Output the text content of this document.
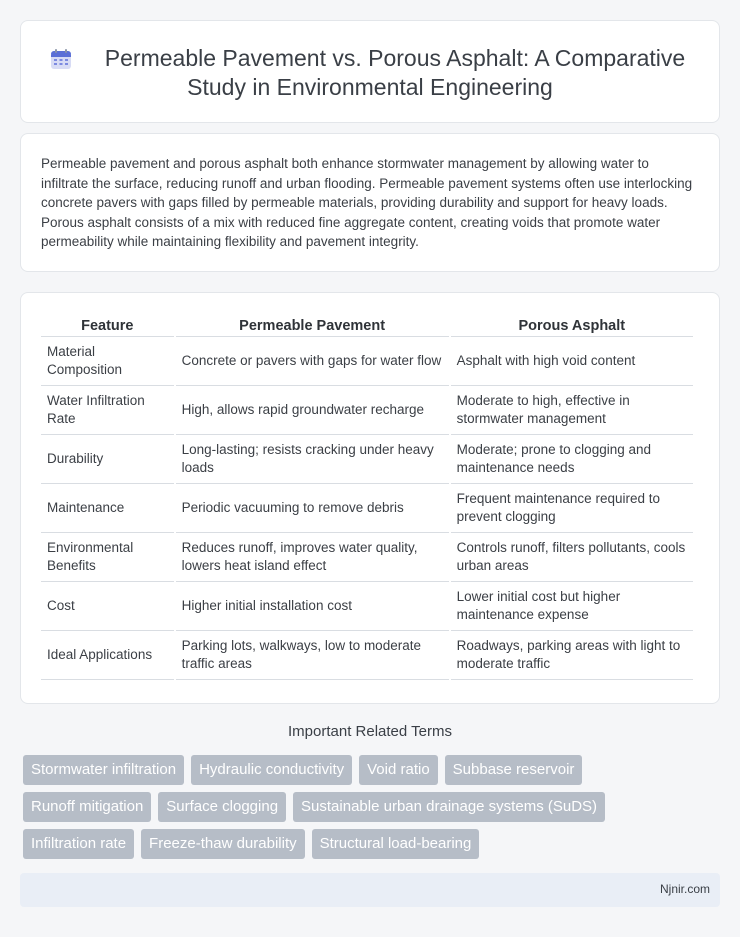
Permeable Pavement vs. Porous Asphalt: A Comparative
Study in Environmental Engineering

Permeable pavement and porous asphalt both enhance stormwater management by allowing water to infiltrate the surface, reducing runoff and urban flooding. Permeable pavement systems often use interlocking concrete pavers with gaps filled by permeable materials, providing durability and support for heavy loads. Porous asphalt consists of a mix with reduced fine aggregate content, creating voids that promote water permeability while maintaining flexibility and pavement integrity.

Feature	Permeable Pavement	Porous Asphalt
Material Composition	Concrete or pavers with gaps for water flow	Asphalt with high void content
Water Infiltration Rate	High, allows rapid groundwater recharge	Moderate to high, effective in stormwater management
Durability	Long-lasting; resists cracking under heavy loads	Moderate; prone to clogging and maintenance needs
Maintenance	Periodic vacuuming to remove debris	Frequent maintenance required to prevent clogging
Environmental Benefits	Reduces runoff, improves water quality, lowers heat island effect	Controls runoff, filters pollutants, cools urban areas
Cost	Higher initial installation cost	Lower initial cost but higher maintenance expense
Ideal Applications	Parking lots, walkways, low to moderate traffic areas	Roadways, parking areas with light to moderate traffic
Important Related Terms
Stormwater infiltration	Hydraulic conductivity	Void ratio	Subbase reservoir
Runoff mitigation	Surface clogging	Sustainable urban drainage systems (SuDS)
Infiltration rate	Freeze-thaw durability	Structural load-bearing
Njnir.com
